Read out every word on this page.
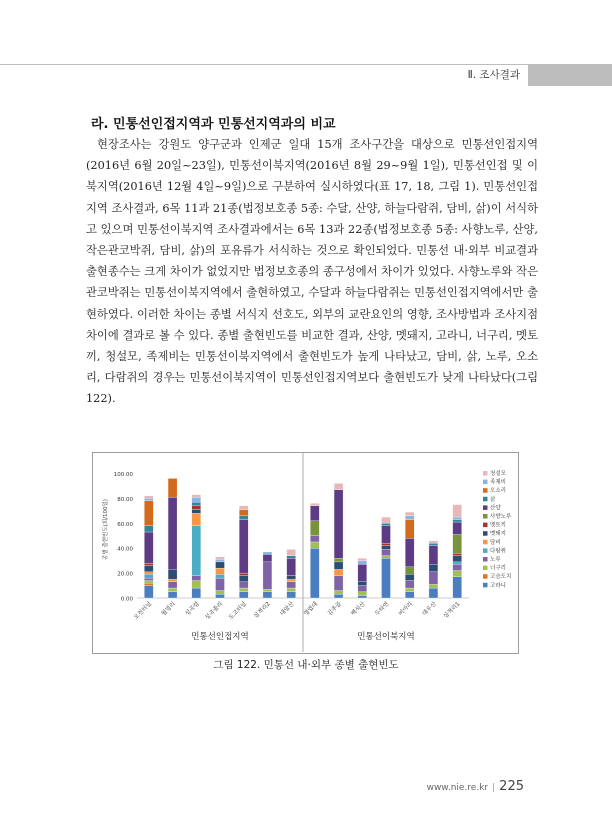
Ⅱ. 조사결과
라. 민통선인접지역과 민통선지역과의 비교

현장조사는 강원도 양구군과 인제군 일대 15개 조사구간을 대상으로 민통선인접지역(2016년 6월 20일~23일), 민통선이북지역(2016년 8월 29~9월 1일), 민통선인접 및 이북지역(2016년 12월 4일~9일)으로 구분하여 실시하였다(표 17, 18, 그림 1). 민통선인접지역 조사결과, 6목 11과 21종(법정보호종 5종: 수달, 산양, 하늘다람쥐, 담비, 삵)이 서식하고 있으며 민통선이북지역 조사결과에서는 6목 13과 22종(법정보호종 5종: 사향노루, 산양, 작은관코박쥐, 담비, 삵)의 포유류가 서식하는 것으로 확인되었다. 민통선 내·외부 비교결과 출현종수는 크게 차이가 없었지만 법정보호종의 종구성에서 차이가 있었다. 사향노루와 작은관코박쥐는 민통선이북지역에서 출현하였고, 수달과 하늘다람쥐는 민통선인접지역에서만 출현하였다. 이러한 차이는 종별 서식지 선호도, 외부의 교란요인의 영향, 조사방법과 조사지점 차이에 결과로 볼 수 있다. 종별 출현빈도를 비교한 결과, 산양, 멧돼지, 고라니, 너구리, 멧토끼, 청설모, 족제비는 민통선이북지역에서 출현빈도가 높게 나타났고, 담비, 삵, 노루, 오소리, 다람쥐의 경우는 민통선이북지역이 민통선인접지역보다 출현빈도가 낮게 나타났다(그림 122).

0.00
20.00
40.00
60.00
80.00
100.00
종별 출현빈도(회/100일)
오천터널 월명리 성곡령 성곡졸리 도고터널 심적리2 대암산 영엽대 김추골 백석산 두타연 비아리 대우산 심적리1
민통선인접지역	민통선이북지역
청설모
족제비
오소리
삵
산양
사향노루
멧토끼
멧돼지
담비
다람쥐
노루
너구리
고슴도치
고라니
그림 122. 민통선 내·외부 종별 출현빈도
www.nie.re.kr | 225
